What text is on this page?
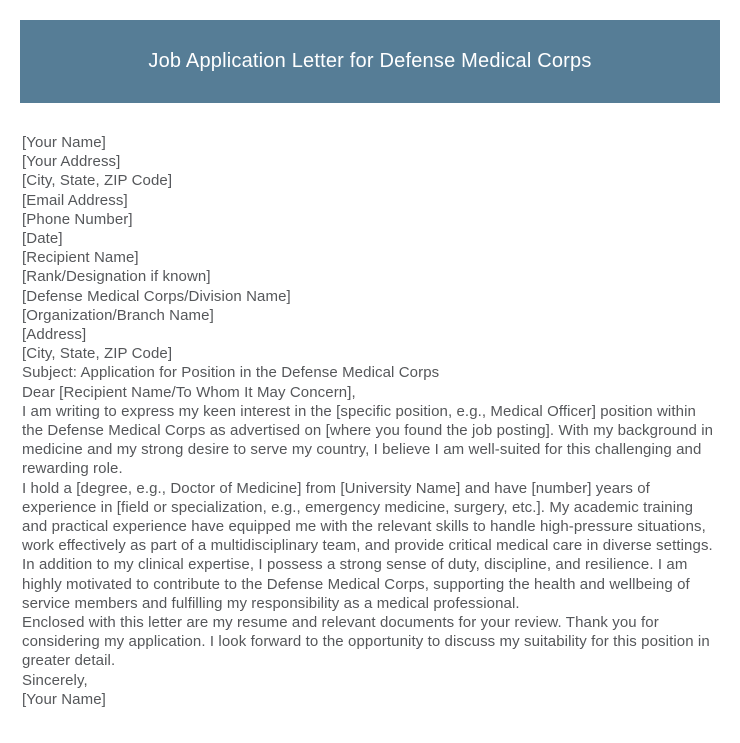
Job Application Letter for Defense Medical Corps

[Your Name]

[Your Address]

[City, State, ZIP Code]

[Email Address]

[Phone Number]

[Date]

[Recipient Name]

[Rank/Designation if known]

[Defense Medical Corps/Division Name]

[Organization/Branch Name]

[Address]

[City, State, ZIP Code]

Subject: Application for Position in the Defense Medical Corps

Dear [Recipient Name/To Whom It May Concern],

I am writing to express my keen interest in the [specific position, e.g., Medical Officer] position within the Defense Medical Corps as advertised on [where you found the job posting]. With my background in medicine and my strong desire to serve my country, I believe I am well-suited for this challenging and rewarding role.

I hold a [degree, e.g., Doctor of Medicine] from [University Name] and have [number] years of experience in [field or specialization, e.g., emergency medicine, surgery, etc.]. My academic training and practical experience have equipped me with the relevant skills to handle high-pressure situations, work effectively as part of a multidisciplinary team, and provide critical medical care in diverse settings.

In addition to my clinical expertise, I possess a strong sense of duty, discipline, and resilience. I am highly motivated to contribute to the Defense Medical Corps, supporting the health and wellbeing of service members and fulfilling my responsibility as a medical professional.

Enclosed with this letter are my resume and relevant documents for your review. Thank you for considering my application. I look forward to the opportunity to discuss my suitability for this position in greater detail.

Sincerely,

[Your Name]
